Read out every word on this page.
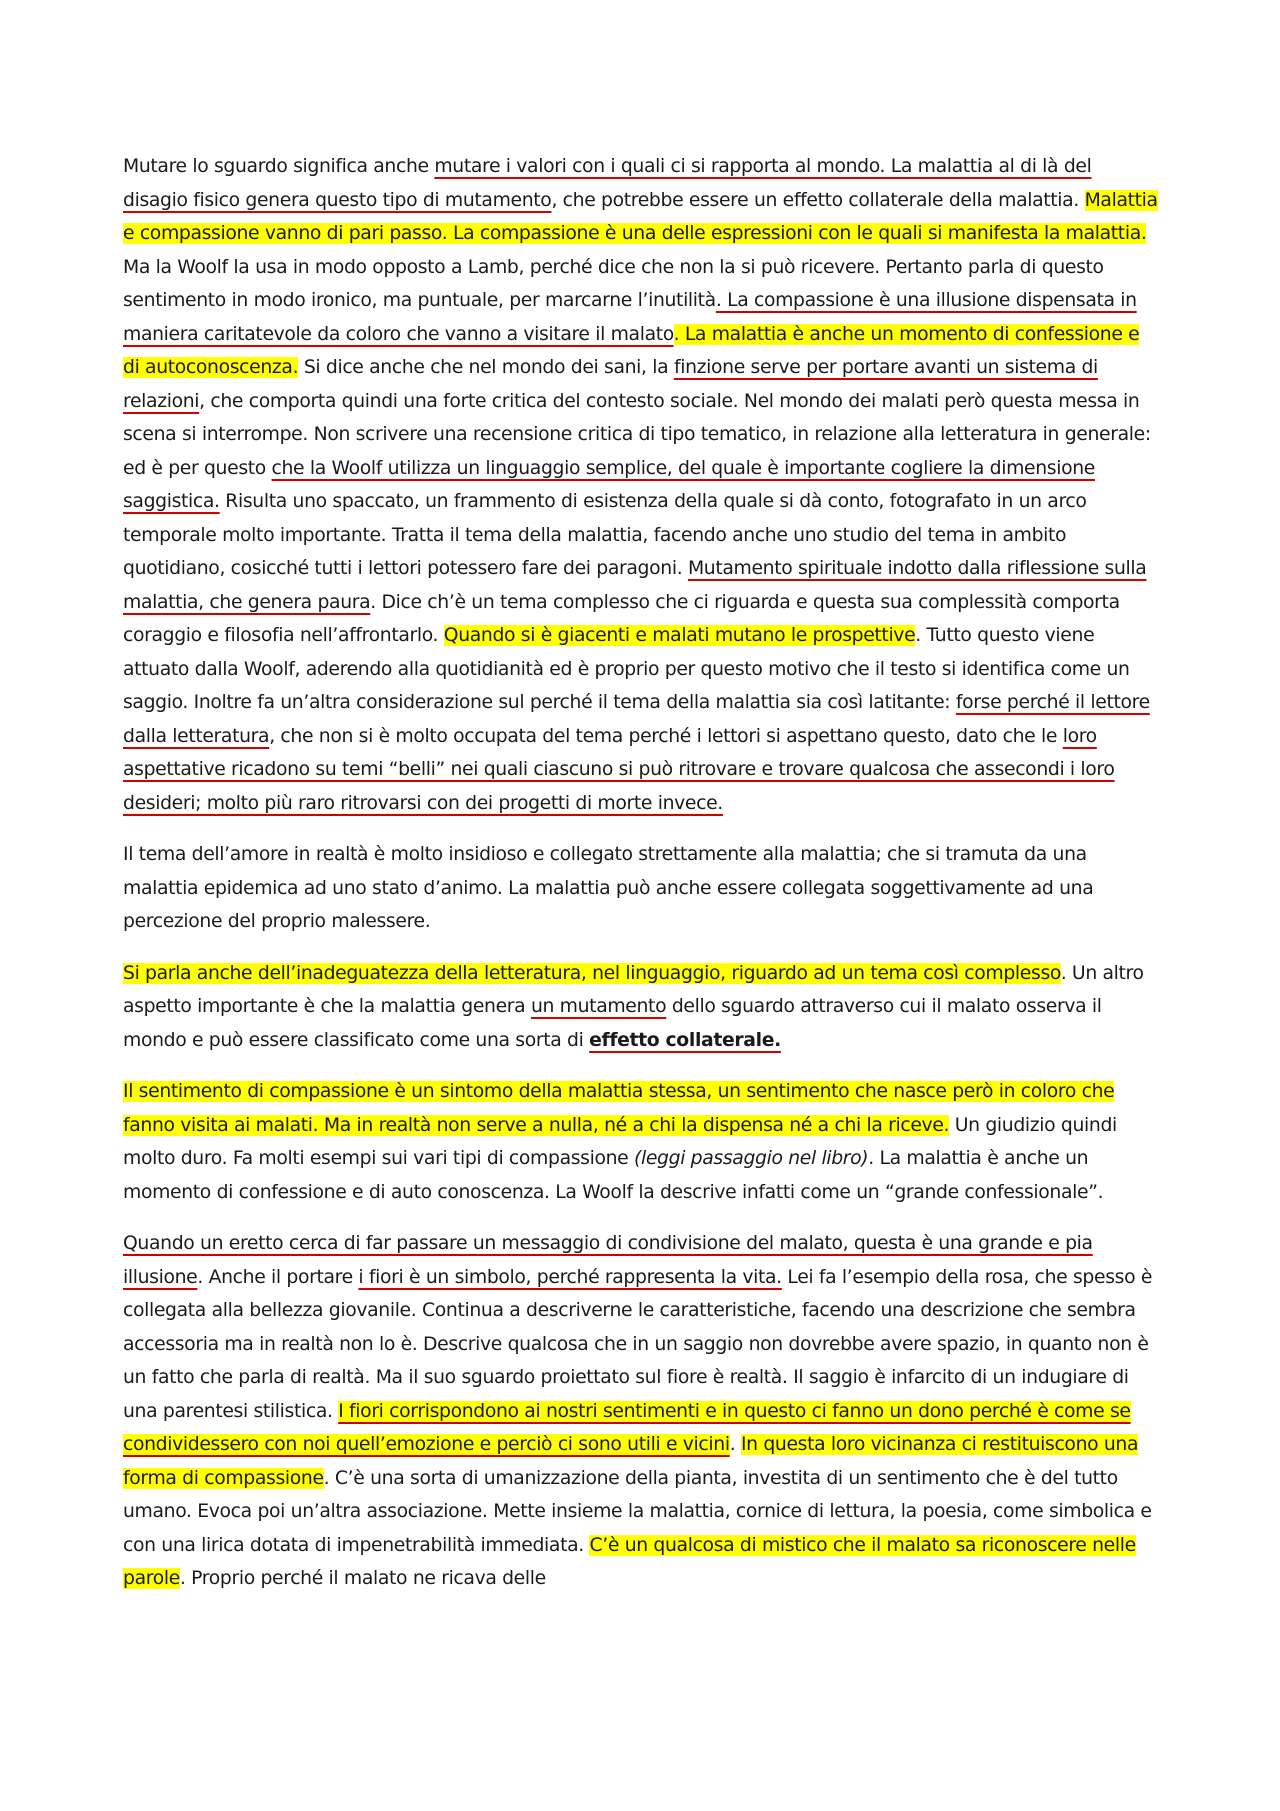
Mutare lo sguardo significa anche mutare i valori con i quali ci si rapporta al mondo. La malattia al di là del disagio fisico genera questo tipo di mutamento, che potrebbe essere un effetto collaterale della malattia. Malattia e compassione vanno di pari passo. La compassione è una delle espressioni con le quali si manifesta la malattia. Ma la Woolf la usa in modo opposto a Lamb, perché dice che non la si può ricevere. Pertanto parla di questo sentimento in modo ironico, ma puntuale, per marcarne l’inutilità. La compassione è una illusione dispensata in maniera caritatevole da coloro che vanno a visitare il malato. La malattia è anche un momento di confessione e di autoconoscenza. Si dice anche che nel mondo dei sani, la finzione serve per portare avanti un sistema di relazioni, che comporta quindi una forte critica del contesto sociale. Nel mondo dei malati però questa messa in scena si interrompe. Non scrivere una recensione critica di tipo tematico, in relazione alla letteratura in generale: ed è per questo che la Woolf utilizza un linguaggio semplice, del quale è importante cogliere la dimensione saggistica. Risulta uno spaccato, un frammento di esistenza della quale si dà conto, fotografato in un arco temporale molto importante. Tratta il tema della malattia, facendo anche uno studio del tema in ambito quotidiano, cosicché tutti i lettori potessero fare dei paragoni. Mutamento spirituale indotto dalla riflessione sulla malattia, che genera paura. Dice ch’è un tema complesso che ci riguarda e questa sua complessità comporta coraggio e filosofia nell’affrontarlo. Quando si è giacenti e malati mutano le prospettive. Tutto questo viene attuato dalla Woolf, aderendo alla quotidianità ed è proprio per questo motivo che il testo si identifica come un saggio. Inoltre fa un’altra considerazione sul perché il tema della malattia sia così latitante: forse perché il lettore dalla letteratura, che non si è molto occupata del tema perché i lettori si aspettano questo, dato che le loro aspettative ricadono su temi “belli” nei quali ciascuno si può ritrovare e trovare qualcosa che assecondi i loro desideri; molto più raro ritrovarsi con dei progetti di morte invece.

Il tema dell’amore in realtà è molto insidioso e collegato strettamente alla malattia; che si tramuta da una malattia epidemica ad uno stato d’animo. La malattia può anche essere collegata soggettivamente ad una percezione del proprio malessere.

Si parla anche dell’inadeguatezza della letteratura, nel linguaggio, riguardo ad un tema così complesso. Un altro aspetto importante è che la malattia genera un mutamento dello sguardo attraverso cui il malato osserva il mondo e può essere classificato come una sorta di effetto collaterale.

Il sentimento di compassione è un sintomo della malattia stessa, un sentimento che nasce però in coloro che fanno visita ai malati. Ma in realtà non serve a nulla, né a chi la dispensa né a chi la riceve. Un giudizio quindi molto duro. Fa molti esempi sui vari tipi di compassione (leggi passaggio nel libro). La malattia è anche un momento di confessione e di auto conoscenza. La Woolf la descrive infatti come un “grande confessionale”.

Quando un eretto cerca di far passare un messaggio di condivisione del malato, questa è una grande e pia illusione. Anche il portare i fiori è un simbolo, perché rappresenta la vita. Lei fa l’esempio della rosa, che spesso è collegata alla bellezza giovanile. Continua a descriverne le caratteristiche, facendo una descrizione che sembra accessoria ma in realtà non lo è. Descrive qualcosa che in un saggio non dovrebbe avere spazio, in quanto non è un fatto che parla di realtà. Ma il suo sguardo proiettato sul fiore è realtà. Il saggio è infarcito di un indugiare di una parentesi stilistica. I fiori corrispondono ai nostri sentimenti e in questo ci fanno un dono perché è come se condividessero con noi quell’emozione e perciò ci sono utili e vicini. In questa loro vicinanza ci restituiscono una forma di compassione. C’è una sorta di umanizzazione della pianta, investita di un sentimento che è del tutto umano. Evoca poi un’altra associazione. Mette insieme la malattia, cornice di lettura, la poesia, come simbolica e con una lirica dotata di impenetrabilità immediata. C’è un qualcosa di mistico che il malato sa riconoscere nelle parole. Proprio perché il malato ne ricava delle
